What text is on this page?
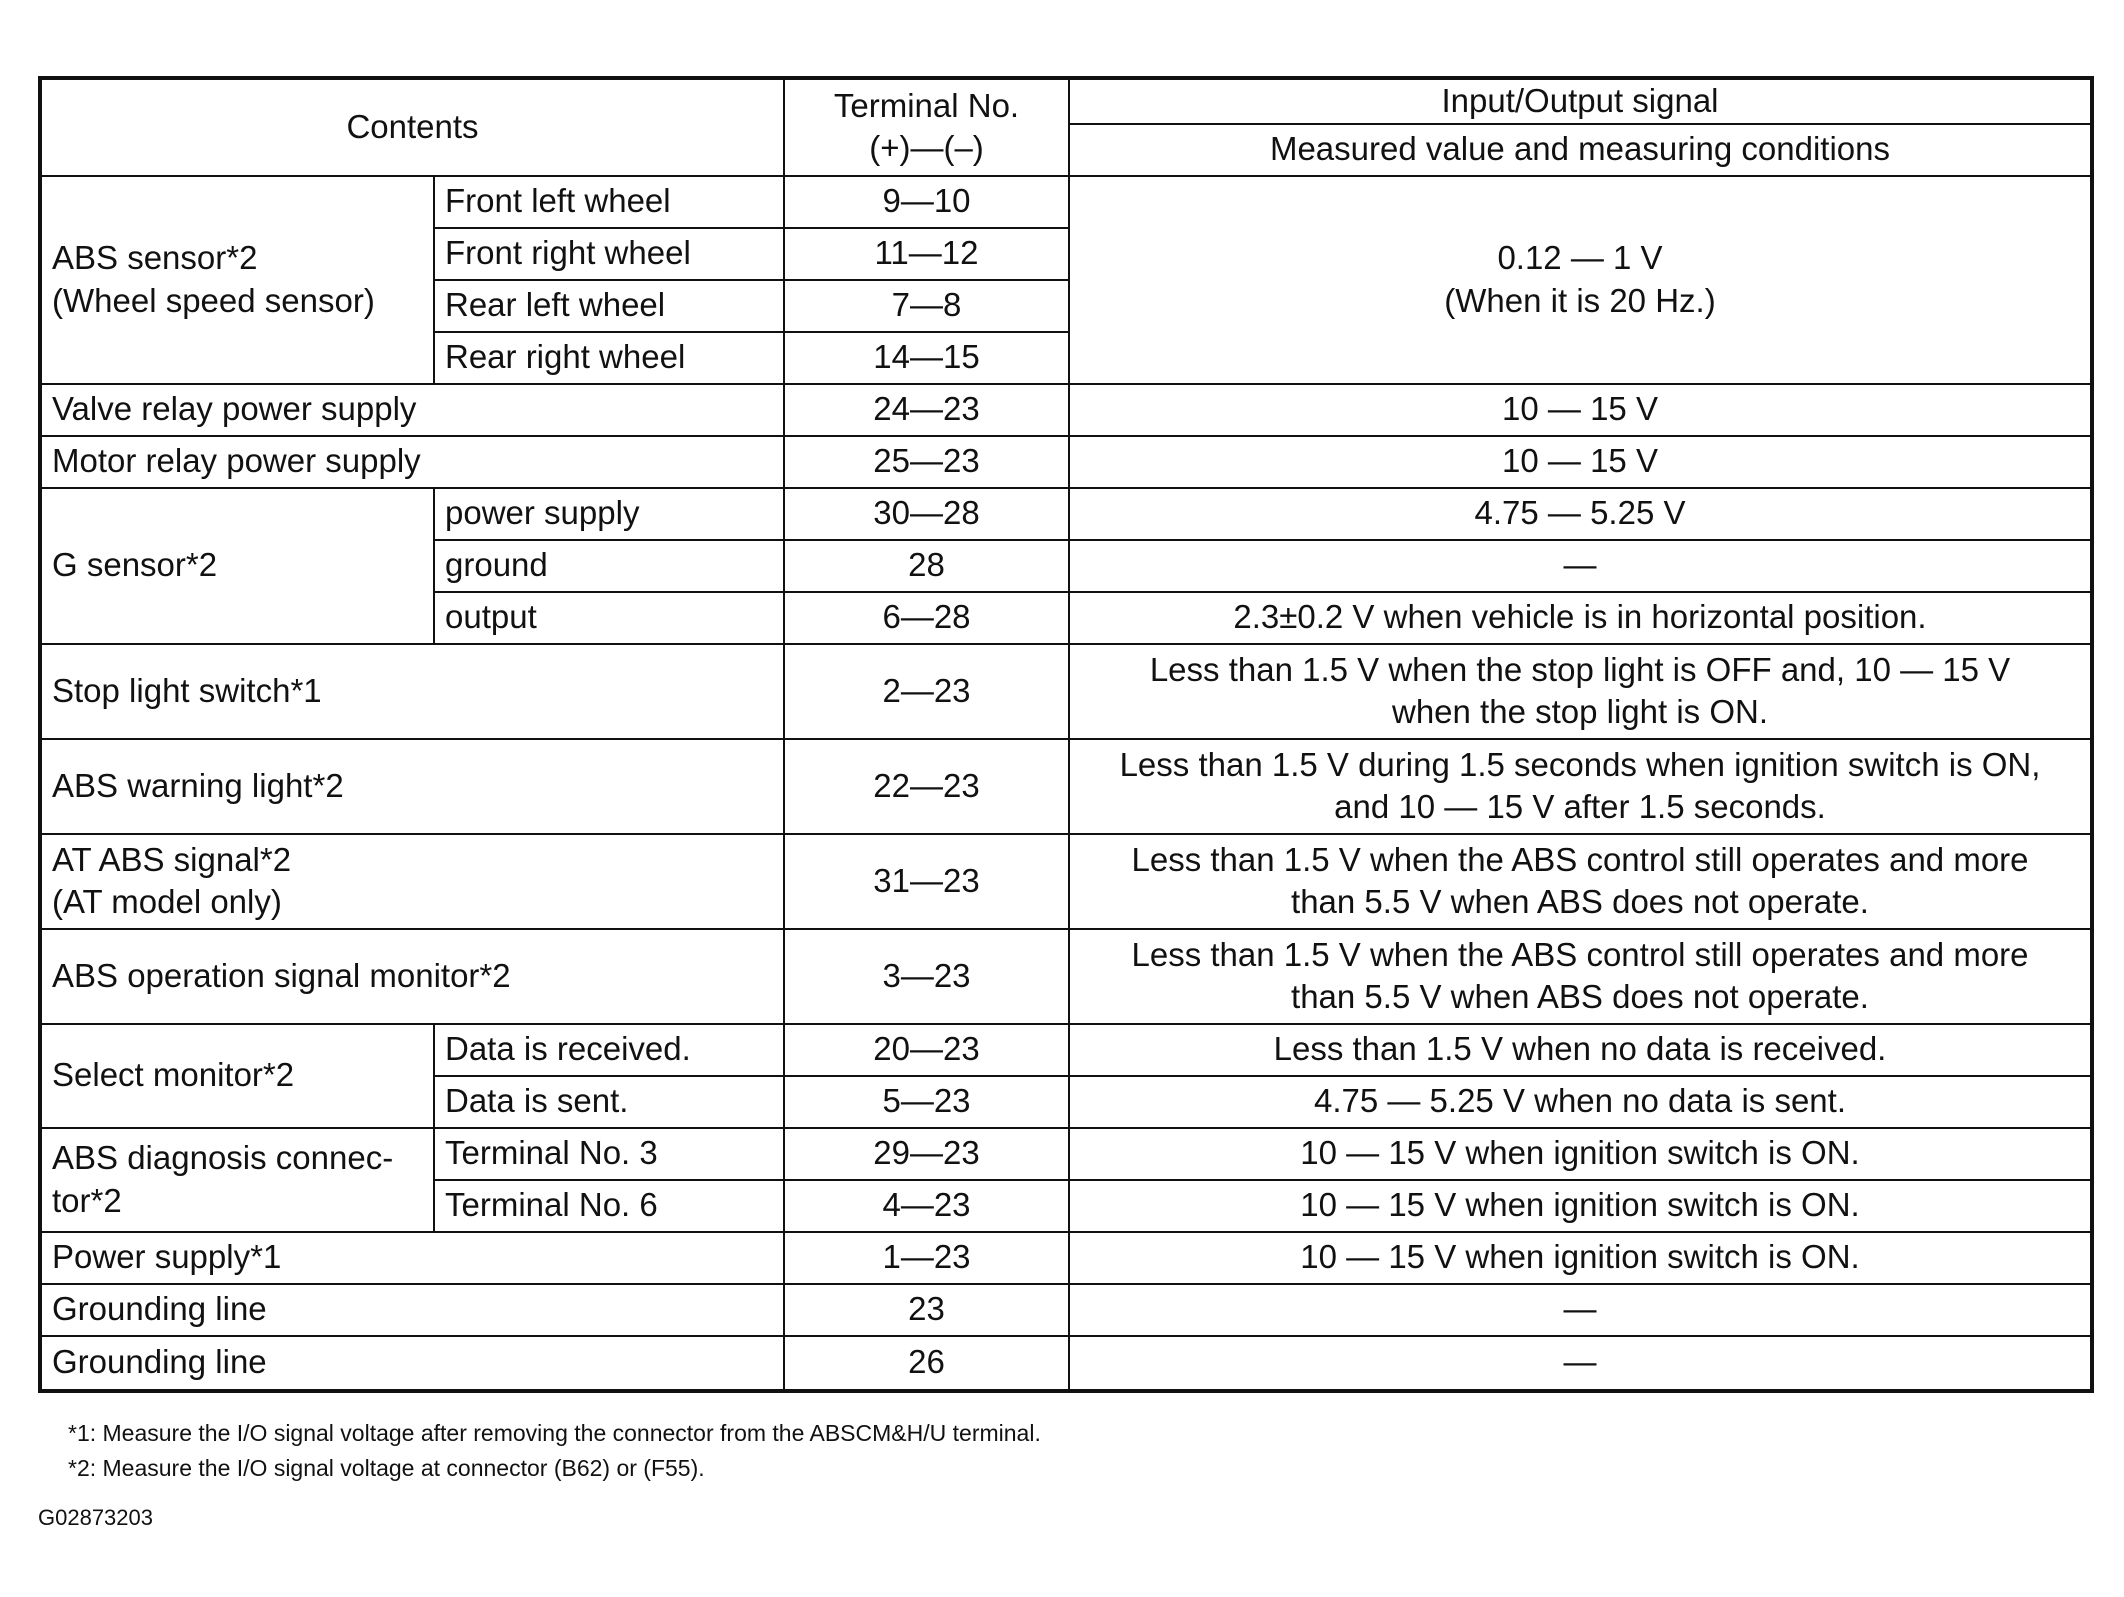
Contents		Terminal No.
(+)—(–)	Input/Output signal
			Measured value and measuring conditions
ABS sensor*2
(Wheel speed sensor)	Front left wheel	9—10	0.12 — 1 V
(When it is 20 Hz.)
	Front right wheel	11—12	
	Rear left wheel	7—8	
	Rear right wheel	14—15	
Valve relay power supply		24—23	10 — 15 V
Motor relay power supply		25—23	10 — 15 V
G sensor*2	power supply	30—28	4.75 — 5.25 V
	ground	28	—
	output	6—28	2.3±0.2 V when vehicle is in horizontal position.
Stop light switch*1		2—23	Less than 1.5 V when the stop light is OFF and, 10 — 15 V
when the stop light is ON.
ABS warning light*2		22—23	Less than 1.5 V during 1.5 seconds when ignition switch is ON,
and 10 — 15 V after 1.5 seconds.
AT ABS signal*2
(AT model only)		31—23	Less than 1.5 V when the ABS control still operates and more
than 5.5 V when ABS does not operate.
ABS operation signal monitor*2		3—23	Less than 1.5 V when the ABS control still operates and more
than 5.5 V when ABS does not operate.
Select monitor*2	Data is received.	20—23	Less than 1.5 V when no data is received.
	Data is sent.	5—23	4.75 — 5.25 V when no data is sent.
ABS diagnosis connec-
tor*2	Terminal No. 3	29—23	10 — 15 V when ignition switch is ON.
	Terminal No. 6	4—23	10 — 15 V when ignition switch is ON.
Power supply*1		1—23	10 — 15 V when ignition switch is ON.
Grounding line		23	—
Grounding line		26	—
*1: Measure the I/O signal voltage after removing the connector from the ABSCM&H/U terminal.
*2: Measure the I/O signal voltage at connector (B62) or (F55).
G02873203
